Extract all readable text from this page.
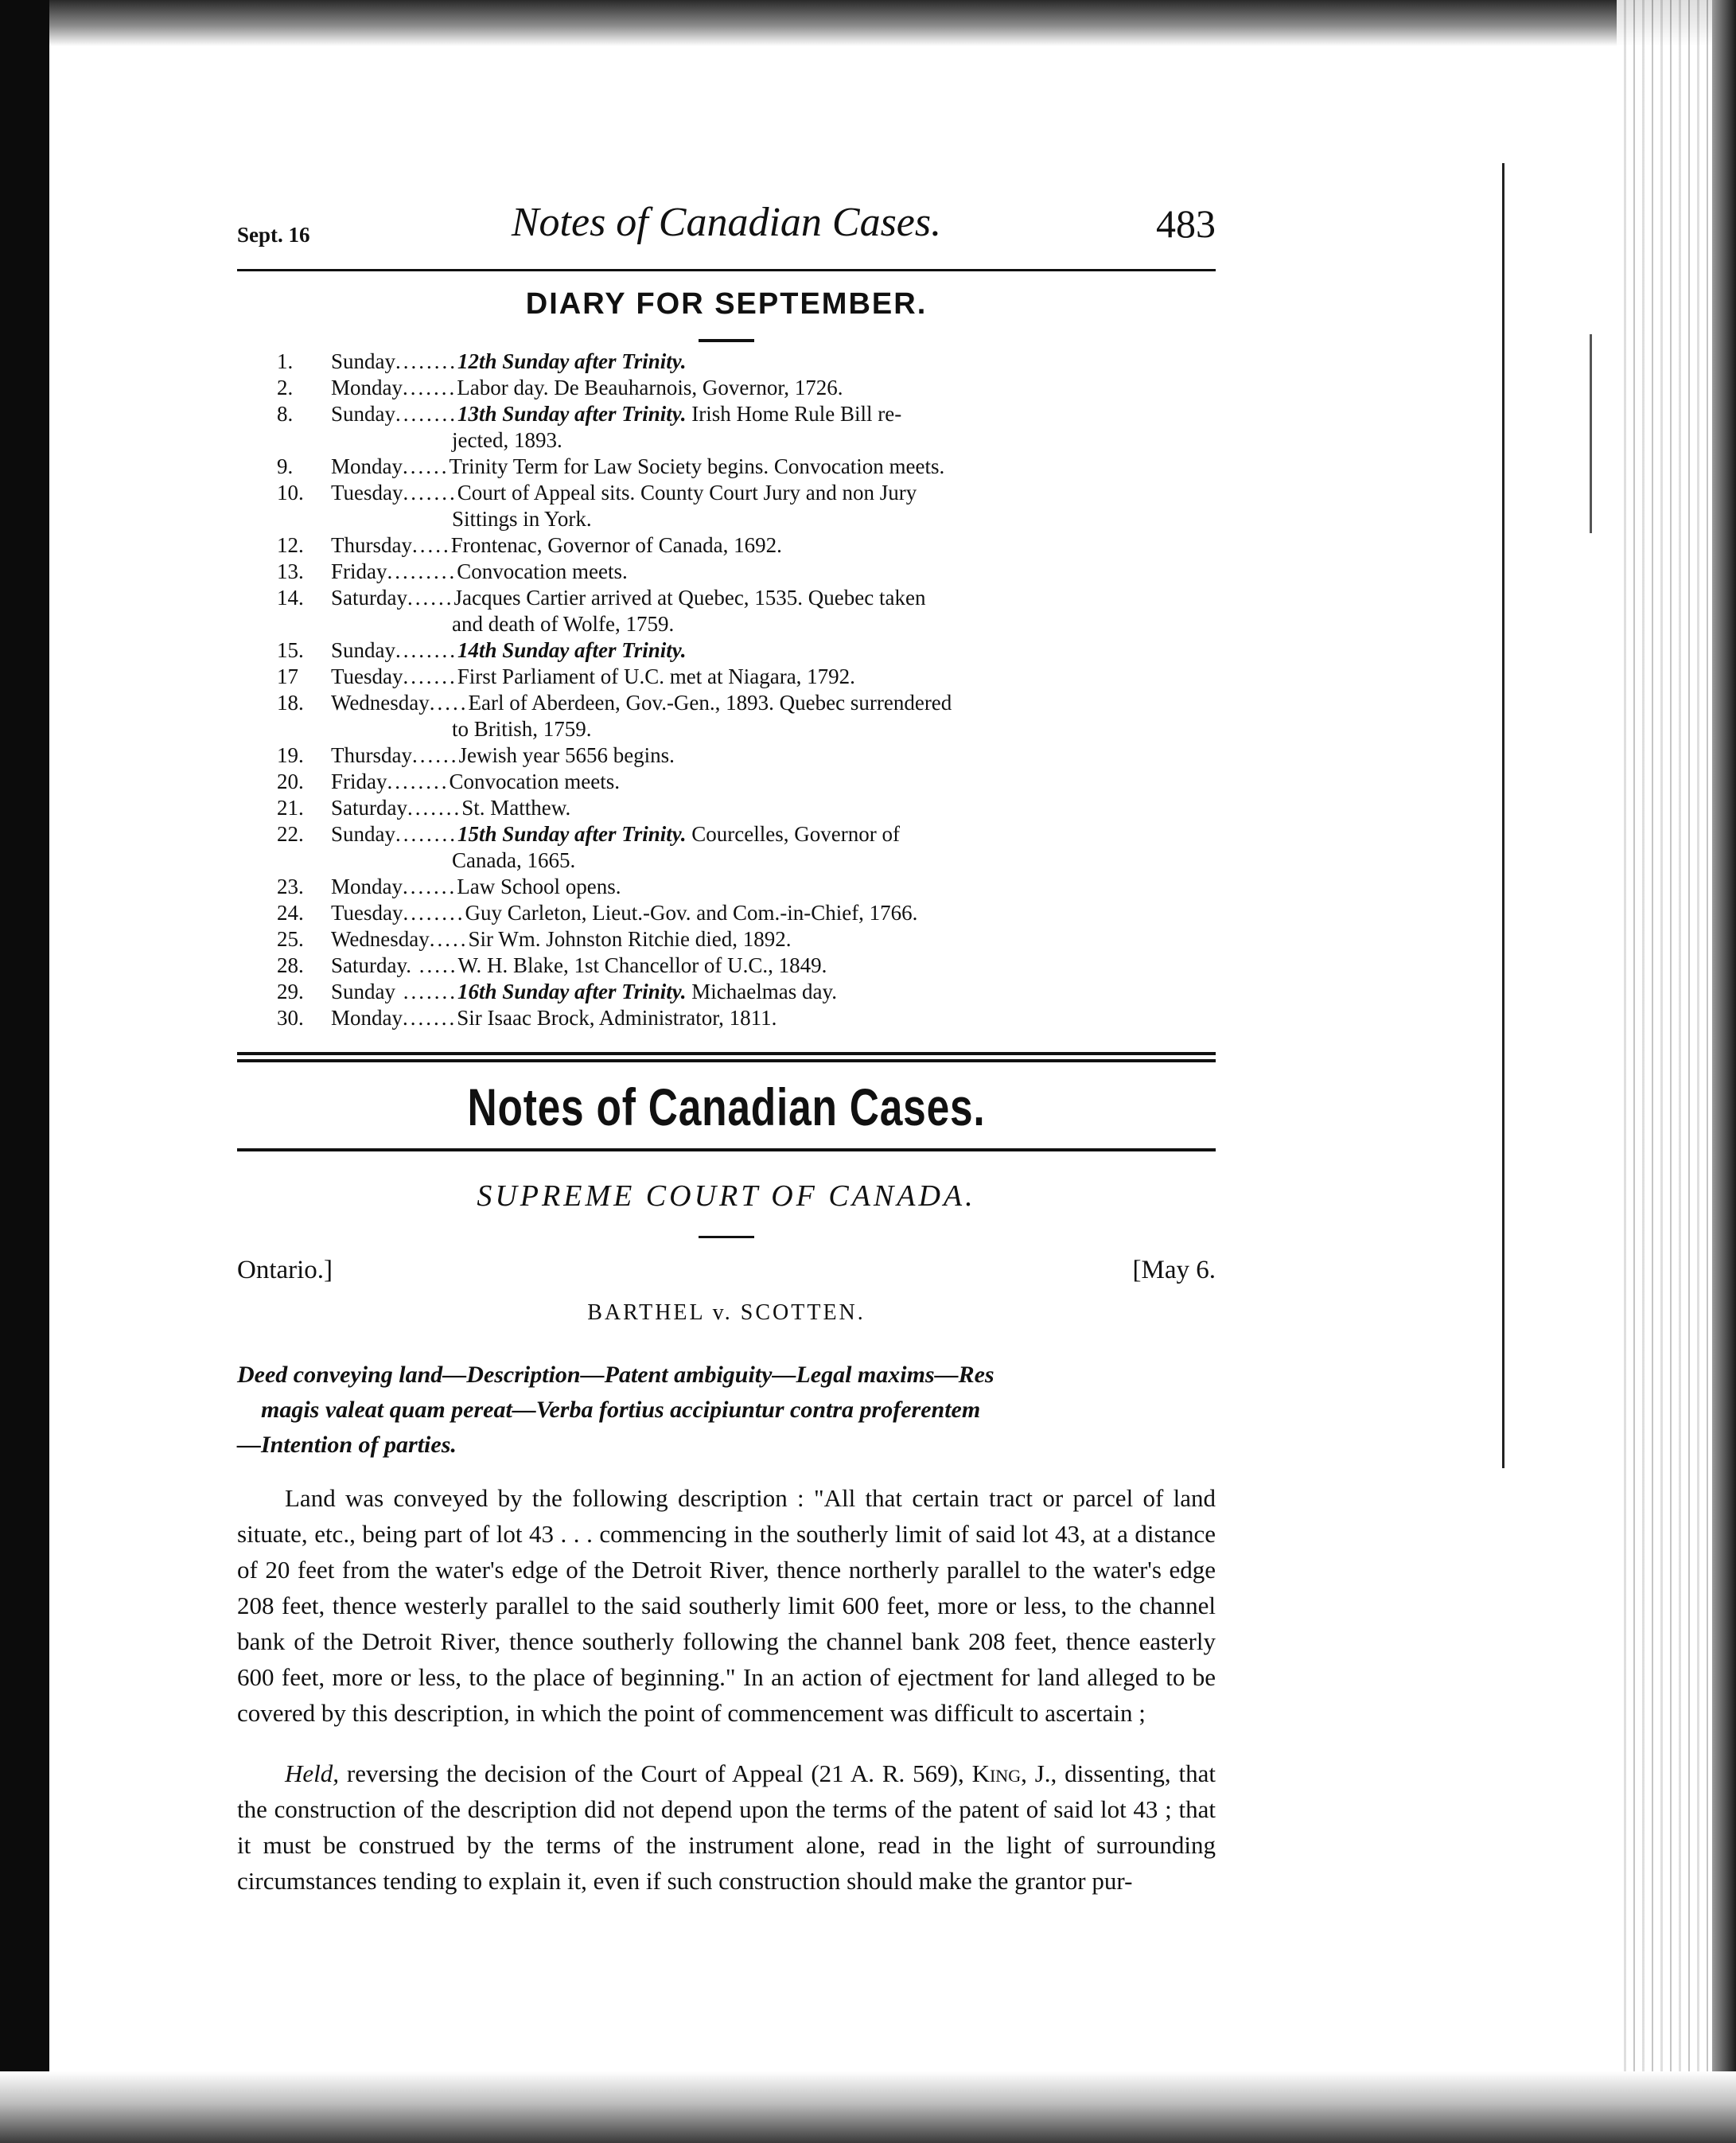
Sept. 16	Notes of Canadian Cases.	483
DIARY FOR SEPTEMBER.
1.	Sunday........12th Sunday after Trinity.
2.	Monday.......Labor day. De Beauharnois, Governor, 1726.
8.	Sunday........13th Sunday after Trinity. Irish Home Rule Bill re-
jected, 1893.
9.	Monday......Trinity Term for Law Society begins. Convocation meets.
10.	Tuesday.......Court of Appeal sits. County Court Jury and non Jury
Sittings in York.
12.	Thursday.....Frontenac, Governor of Canada, 1692.
13.	Friday.........Convocation meets.
14.	Saturday......Jacques Cartier arrived at Quebec, 1535. Quebec taken
and death of Wolfe, 1759.
15.	Sunday........14th Sunday after Trinity.
17	Tuesday.......First Parliament of U.C. met at Niagara, 1792.
18.	Wednesday.....Earl of Aberdeen, Gov.-Gen., 1893. Quebec surrendered
to British, 1759.
19.	Thursday......Jewish year 5656 begins.
20.	Friday........Convocation meets.
21.	Saturday.......St. Matthew.
22.	Sunday........15th Sunday after Trinity. Courcelles, Governor of
Canada, 1665.
23.	Monday.......Law School opens.
24.	Tuesday........Guy Carleton, Lieut.-Gov. and Com.-in-Chief, 1766.
25.	Wednesday.....Sir Wm. Johnston Ritchie died, 1892.
28.	Saturday. .....W. H. Blake, 1st Chancellor of U.C., 1849.
29.	Sunday .......16th Sunday after Trinity. Michaelmas day.
30.	Monday.......Sir Isaac Brock, Administrator, 1811.
Notes of Canadian Cases.
SUPREME COURT OF CANADA.
Ontario.]	[May 6.
BARTHEL v. SCOTTEN.
Deed conveying land—Description—Patent ambiguity—Legal maxims—Res
magis valeat quam pereat—Verba fortius accipiuntur contra proferentem
—Intention of parties.

Land was conveyed by the following description : "All that certain tract or parcel of land situate, etc., being part of lot 43 . . . commencing in the southerly limit of said lot 43, at a distance of 20 feet from the water's edge of the Detroit River, thence northerly parallel to the water's edge 208 feet, thence westerly parallel to the said southerly limit 600 feet, more or less, to the channel bank of the Detroit River, thence southerly following the channel bank 208 feet, thence easterly 600 feet, more or less, to the place of beginning." In an action of ejectment for land alleged to be covered by this description, in which the point of commencement was difficult to ascertain ;

Held, reversing the decision of the Court of Appeal (21 A. R. 569), King, J., dissenting, that the construction of the description did not depend upon the terms of the patent of said lot 43 ; that it must be construed by the terms of the instrument alone, read in the light of surrounding circumstances tending to explain it, even if such construction should make the grantor pur-
